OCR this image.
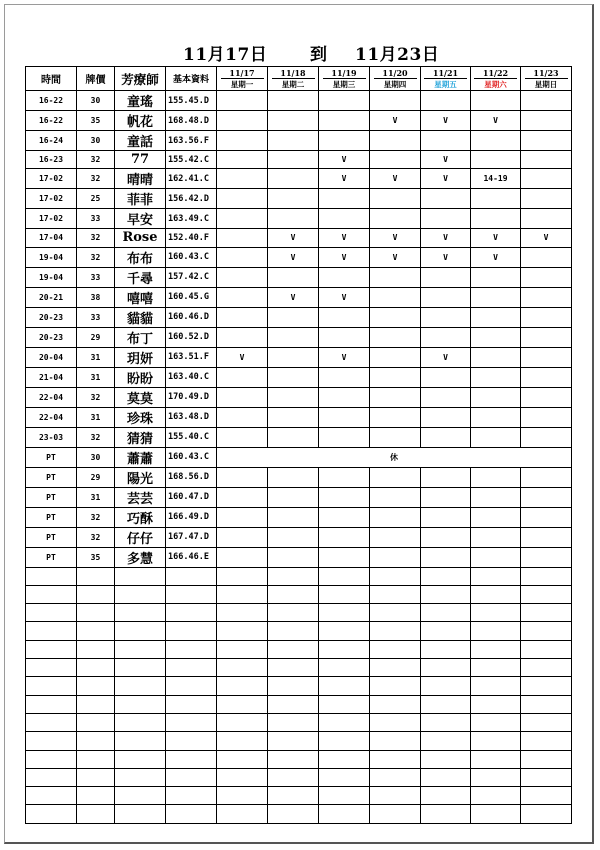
11月17日	到 11月23日
時間	牌價	芳療師	基本資料	11/17	11/18	11/19	11/20	11/21	11/22	11/23
				星期一	星期二	星期三	星期四	星期五	星期六	星期日
16-22	30	童瑤	155.45.D							
16-22	35	帆花	168.48.D				V	V	V	
16-24	30	童話	163.56.F							
16-23	32	77	155.42.C			V		V		
17-02	32	晴晴	162.41.C			V	V	V	14-19	
17-02	25	菲菲	156.42.D							
17-02	33	早安	163.49.C							
17-04	32	Rose	152.40.F		V	V	V	V	V	V
19-04	32	布布	160.43.C		V	V	V	V	V	
19-04	33	千尋	157.42.C							
20-21	38	嘻嘻	160.45.G		V	V				
20-23	33	貓貓	160.46.D							
20-23	29	布丁	160.52.D							
20-04	31	玥妍	163.51.F	V		V		V		
21-04	31	盼盼	163.40.C							
22-04	32	莫莫	170.49.D							
22-04	31	珍珠	163.48.D							
23-03	32	猜猜	155.40.C							
PT	30	蕭蕭	160.43.C	休						
PT	29	陽光	168.56.D							
PT	31	芸芸	160.47.D							
PT	32	巧酥	166.49.D							
PT	32	仔仔	167.47.D							
PT	35	多慧	166.46.E							
